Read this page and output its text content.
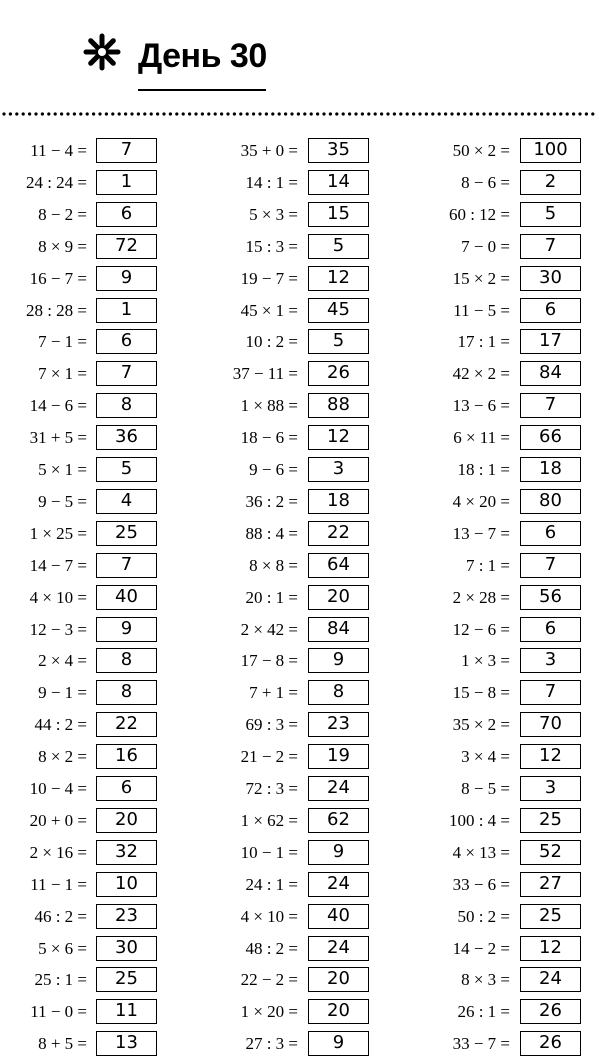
День 30
11 − 4 =	7
24 : 24 =	1
8 − 2 =	6
8 × 9 =	72
16 − 7 =	9
28 : 28 =	1
7 − 1 =	6
7 × 1 =	7
14 − 6 =	8
31 + 5 =	36
5 × 1 =	5
9 − 5 =	4
1 × 25 =	25
14 − 7 =	7
4 × 10 =	40
12 − 3 =	9
2 × 4 =	8
9 − 1 =	8
44 : 2 =	22
8 × 2 =	16
10 − 4 =	6
20 + 0 =	20
2 × 16 =	32
11 − 1 =	10
46 : 2 =	23
5 × 6 =	30
25 : 1 =	25
11 − 0 =	11
8 + 5 =	13
35 + 0 =	35
14 : 1 =	14
5 × 3 =	15
15 : 3 =	5
19 − 7 =	12
45 × 1 =	45
10 : 2 =	5
37 − 11 =	26
1 × 88 =	88
18 − 6 =	12
9 − 6 =	3
36 : 2 =	18
88 : 4 =	22
8 × 8 =	64
20 : 1 =	20
2 × 42 =	84
17 − 8 =	9
7 + 1 =	8
69 : 3 =	23
21 − 2 =	19
72 : 3 =	24
1 × 62 =	62
10 − 1 =	9
24 : 1 =	24
4 × 10 =	40
48 : 2 =	24
22 − 2 =	20
1 × 20 =	20
27 : 3 =	9
50 × 2 =	100
8 − 6 =	2
60 : 12 =	5
7 − 0 =	7
15 × 2 =	30
11 − 5 =	6
17 : 1 =	17
42 × 2 =	84
13 − 6 =	7
6 × 11 =	66
18 : 1 =	18
4 × 20 =	80
13 − 7 =	6
7 : 1 =	7
2 × 28 =	56
12 − 6 =	6
1 × 3 =	3
15 − 8 =	7
35 × 2 =	70
3 × 4 =	12
8 − 5 =	3
100 : 4 =	25
4 × 13 =	52
33 − 6 =	27
50 : 2 =	25
14 − 2 =	12
8 × 3 =	24
26 : 1 =	26
33 − 7 =	26
